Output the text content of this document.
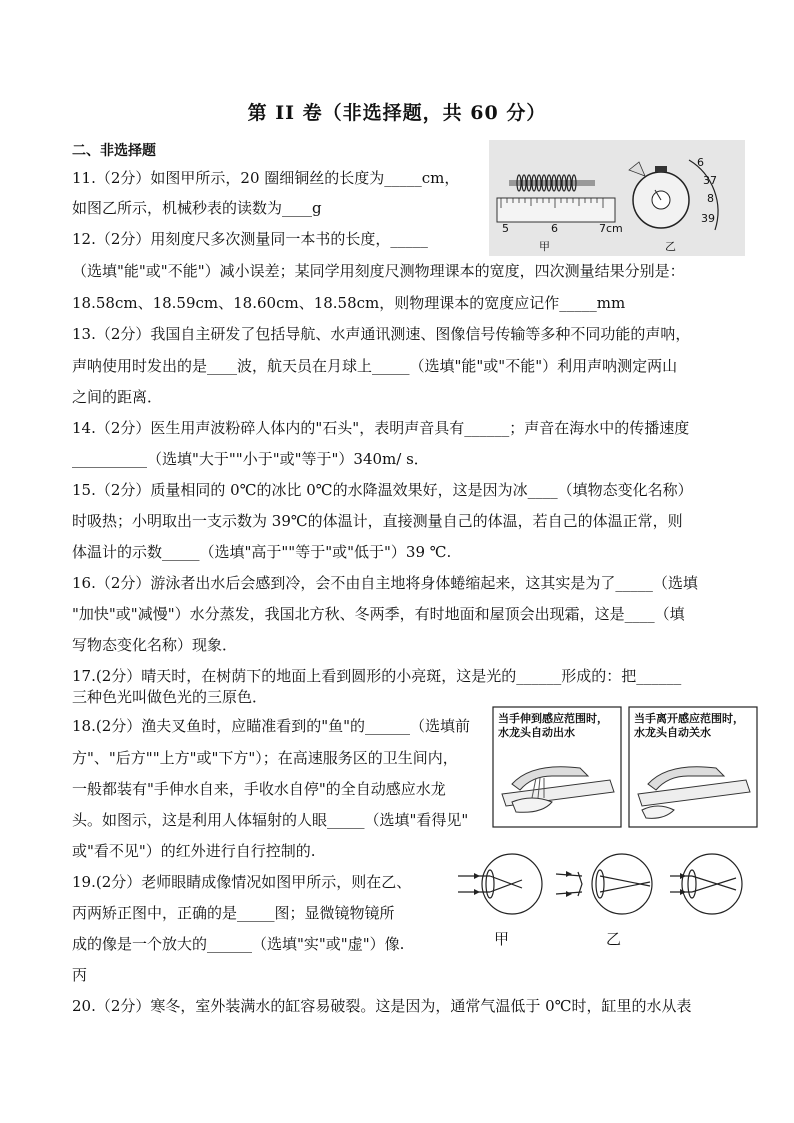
第 II 卷（非选择题，共 60 分）
二、非选择题
11.（2分）如图甲所示，20 圈细铜丝的长度为_____cm，
如图乙所示，机械秒表的读数为____g
12.（2分）用刻度尺多次测量同一本书的长度，_____
（选填"能"或"不能"）减小误差；某同学用刻度尺测物理课本的宽度，四次测量结果分别是：
18.58cm、18.59cm、18.60cm、18.58cm，则物理课本的宽度应记作_____mm
13.（2分）我国自主研发了包括导航、水声通讯测速、图像信号传输等多种不同功能的声呐，
声呐使用时发出的是____波，航天员在月球上_____（选填"能"或"不能"）利用声呐测定两山
之间的距离．
14.（2分）医生用声波粉碎人体内的"石头"，表明声音具有______；声音在海水中的传播速度
__________（选填"大于""小于"或"等于"）340m/ s．
15.（2分）质量相同的 0℃的冰比 0℃的水降温效果好，这是因为冰____（填物态变化名称）
时吸热；小明取出一支示数为 39℃的体温计，直接测量自己的体温，若自己的体温正常，则
体温计的示数_____（选填"高于""等于"或"低于"）39 ℃.
16.（2分）游泳者出水后会感到冷，会不由自主地将身体蜷缩起来，这其实是为了_____（选填
"加快"或"减慢"）水分蒸发，我国北方秋、冬两季，有时地面和屋顶会出现霜，这是____（填
写物态变化名称）现象．
17.(2分）晴天时，在树荫下的地面上看到圆形的小亮斑，这是光的______形成的：把______
三种色光叫做色光的三原色．
18.(2分）渔夫叉鱼时，应瞄准看到的"鱼"的______（选填前
方"、"后方""上方"或"下方"）；在高速服务区的卫生间内，
一般都装有"手伸水自来，手收水自停"的全自动感应水龙
头。如图示，这是利用人体辐射的人眼_____（选填"看得见"
或"看不见"）的红外进行自行控制的.
19.(2分）老师眼睛成像情况如图甲所示，则在乙、
丙两矫正图中，正确的是_____图；显微镜物镜所
成的像是一个放大的______（选填"实"或"虚"）像.
丙
20.（2分）寒冬，室外装满水的缸容易破裂。这是因为，通常气温低于 0℃时，缸里的水从表
5	6	7cm
6
37
8
39
甲	乙
当手伸到感应范围时，
水龙头自动出水
当手离开感应范围时，
水龙头自动关水
甲	乙
